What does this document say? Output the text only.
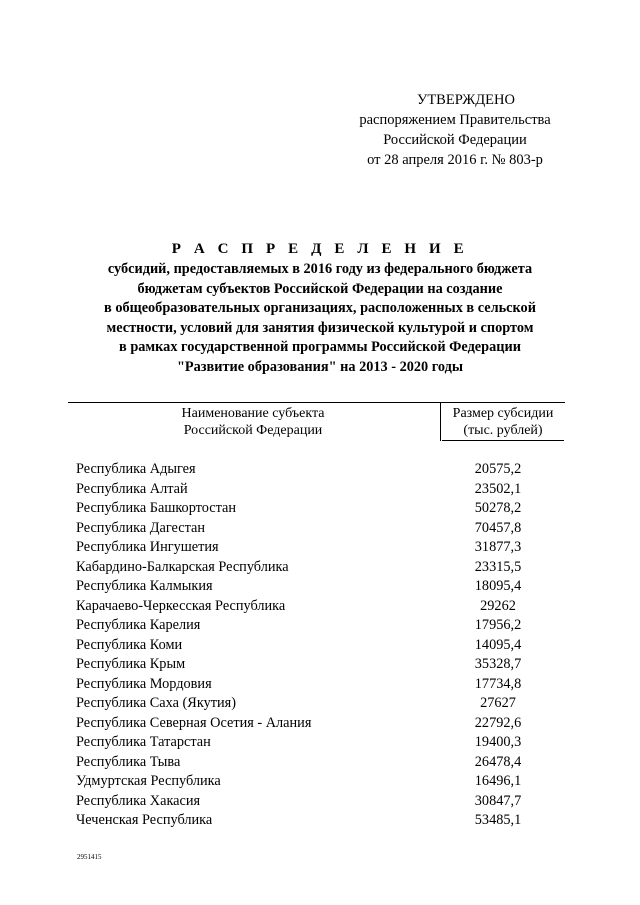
УТВЕРЖДЕНО
распоряжением Правительства
Российской Федерации
от 28 апреля 2016 г. № 803-р
Р А С П Р Е Д Е Л Е Н И Е
субсидий, предоставляемых в 2016 году из федерального бюджета
бюджетам субъектов Российской Федерации на создание
в общеобразовательных организациях, расположенных в сельской
местности, условий для занятия физической культурой и спортом
в рамках государственной программы Российской Федерации
"Развитие образования" на 2013 - 2020 годы
Наименование субъекта
Российской Федерации
Размер субсидии
(тыс. рублей)
Республика Адыгея	20575,2
Республика Алтай	23502,1
Республика Башкортостан	50278,2
Республика Дагестан	70457,8
Республика Ингушетия	31877,3
Кабардино-Балкарская Республика	23315,5
Республика Калмыкия	18095,4
Карачаево-Черкесская Республика	29262
Республика Карелия	17956,2
Республика Коми	14095,4
Республика Крым	35328,7
Республика Мордовия	17734,8
Республика Саха (Якутия)	27627
Республика Северная Осетия - Алания	22792,6
Республика Татарстан	19400,3
Республика Тыва	26478,4
Удмуртская Республика	16496,1
Республика Хакасия	30847,7
Чеченская Республика	53485,1
2951415
